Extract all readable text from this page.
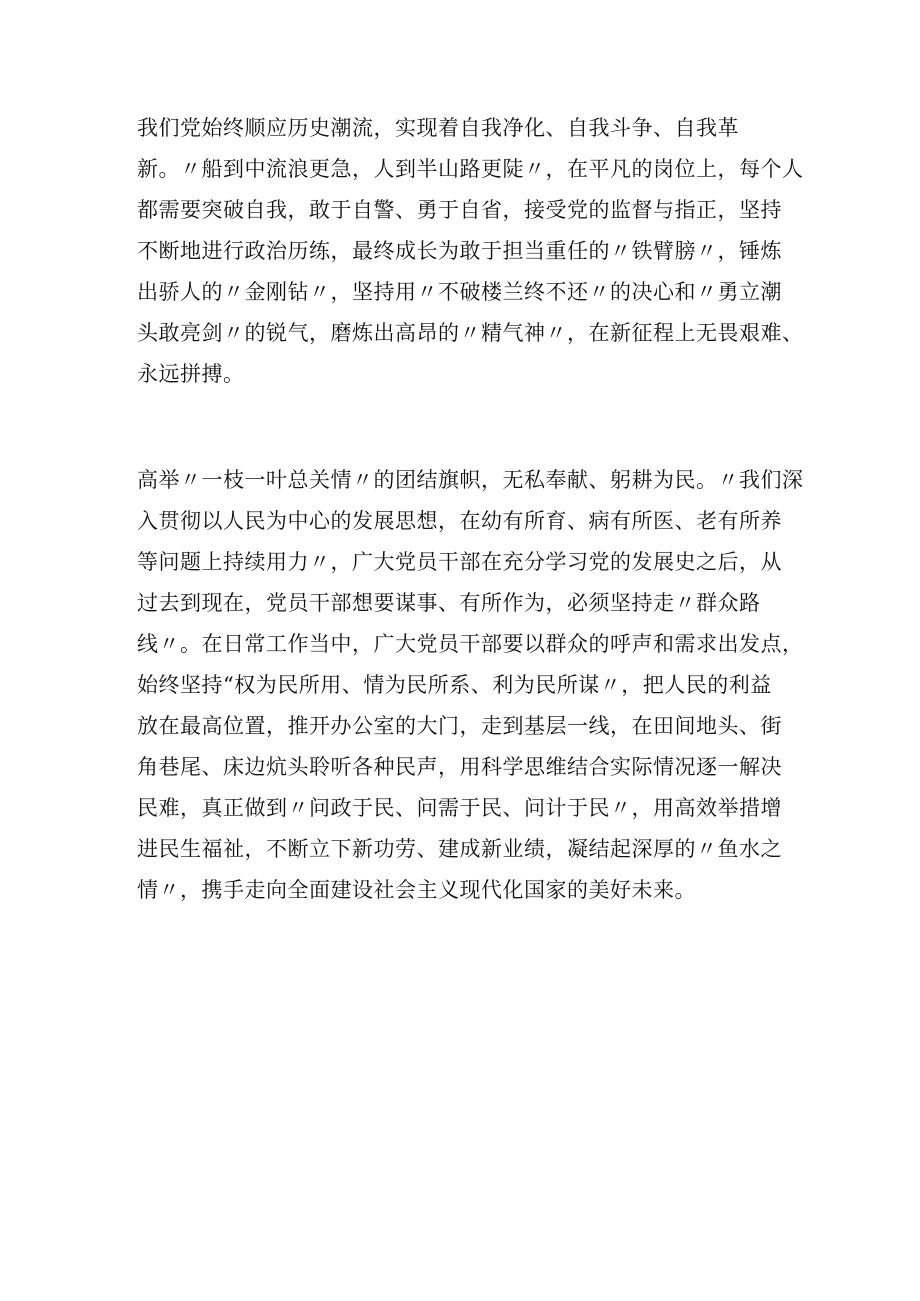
我们党始终顺应历史潮流，实现着自我净化、自我斗争、自我革
新。〃船到中流浪更急，人到半山路更陡〃，在平凡的岗位上，每个人
都需要突破自我，敢于自警、勇于自省，接受党的监督与指正，坚持
不断地进行政治历练，最终成长为敢于担当重任的〃铁臂膀〃，锤炼
出骄人的〃金刚钻〃，坚持用〃不破楼兰终不还〃的决心和〃勇立潮
头敢亮剑〃的锐气，磨炼出高昂的〃精气神〃，在新征程上无畏艰难、
永远拼搏。
高举〃一枝一叶总关情〃的团结旗帜，无私奉献、躬耕为民。〃我们深
入贯彻以人民为中心的发展思想，在幼有所育、病有所医、老有所养
等问题上持续用力〃，广大党员干部在充分学习党的发展史之后，从
过去到现在，党员干部想要谋事、有所作为，必须坚持走〃群众路
线〃。在日常工作当中，广大党员干部要以群众的呼声和需求出发点，
始终坚持“权为民所用、情为民所系、利为民所谋〃，把人民的利益
放在最高位置，推开办公室的大门，走到基层一线，在田间地头、街
角巷尾、床边炕头聆听各种民声，用科学思维结合实际情况逐一解决
民难，真正做到〃问政于民、问需于民、问计于民〃，用高效举措增
进民生福祉，不断立下新功劳、建成新业绩，凝结起深厚的〃鱼水之
情〃，携手走向全面建设社会主义现代化国家的美好未来。
